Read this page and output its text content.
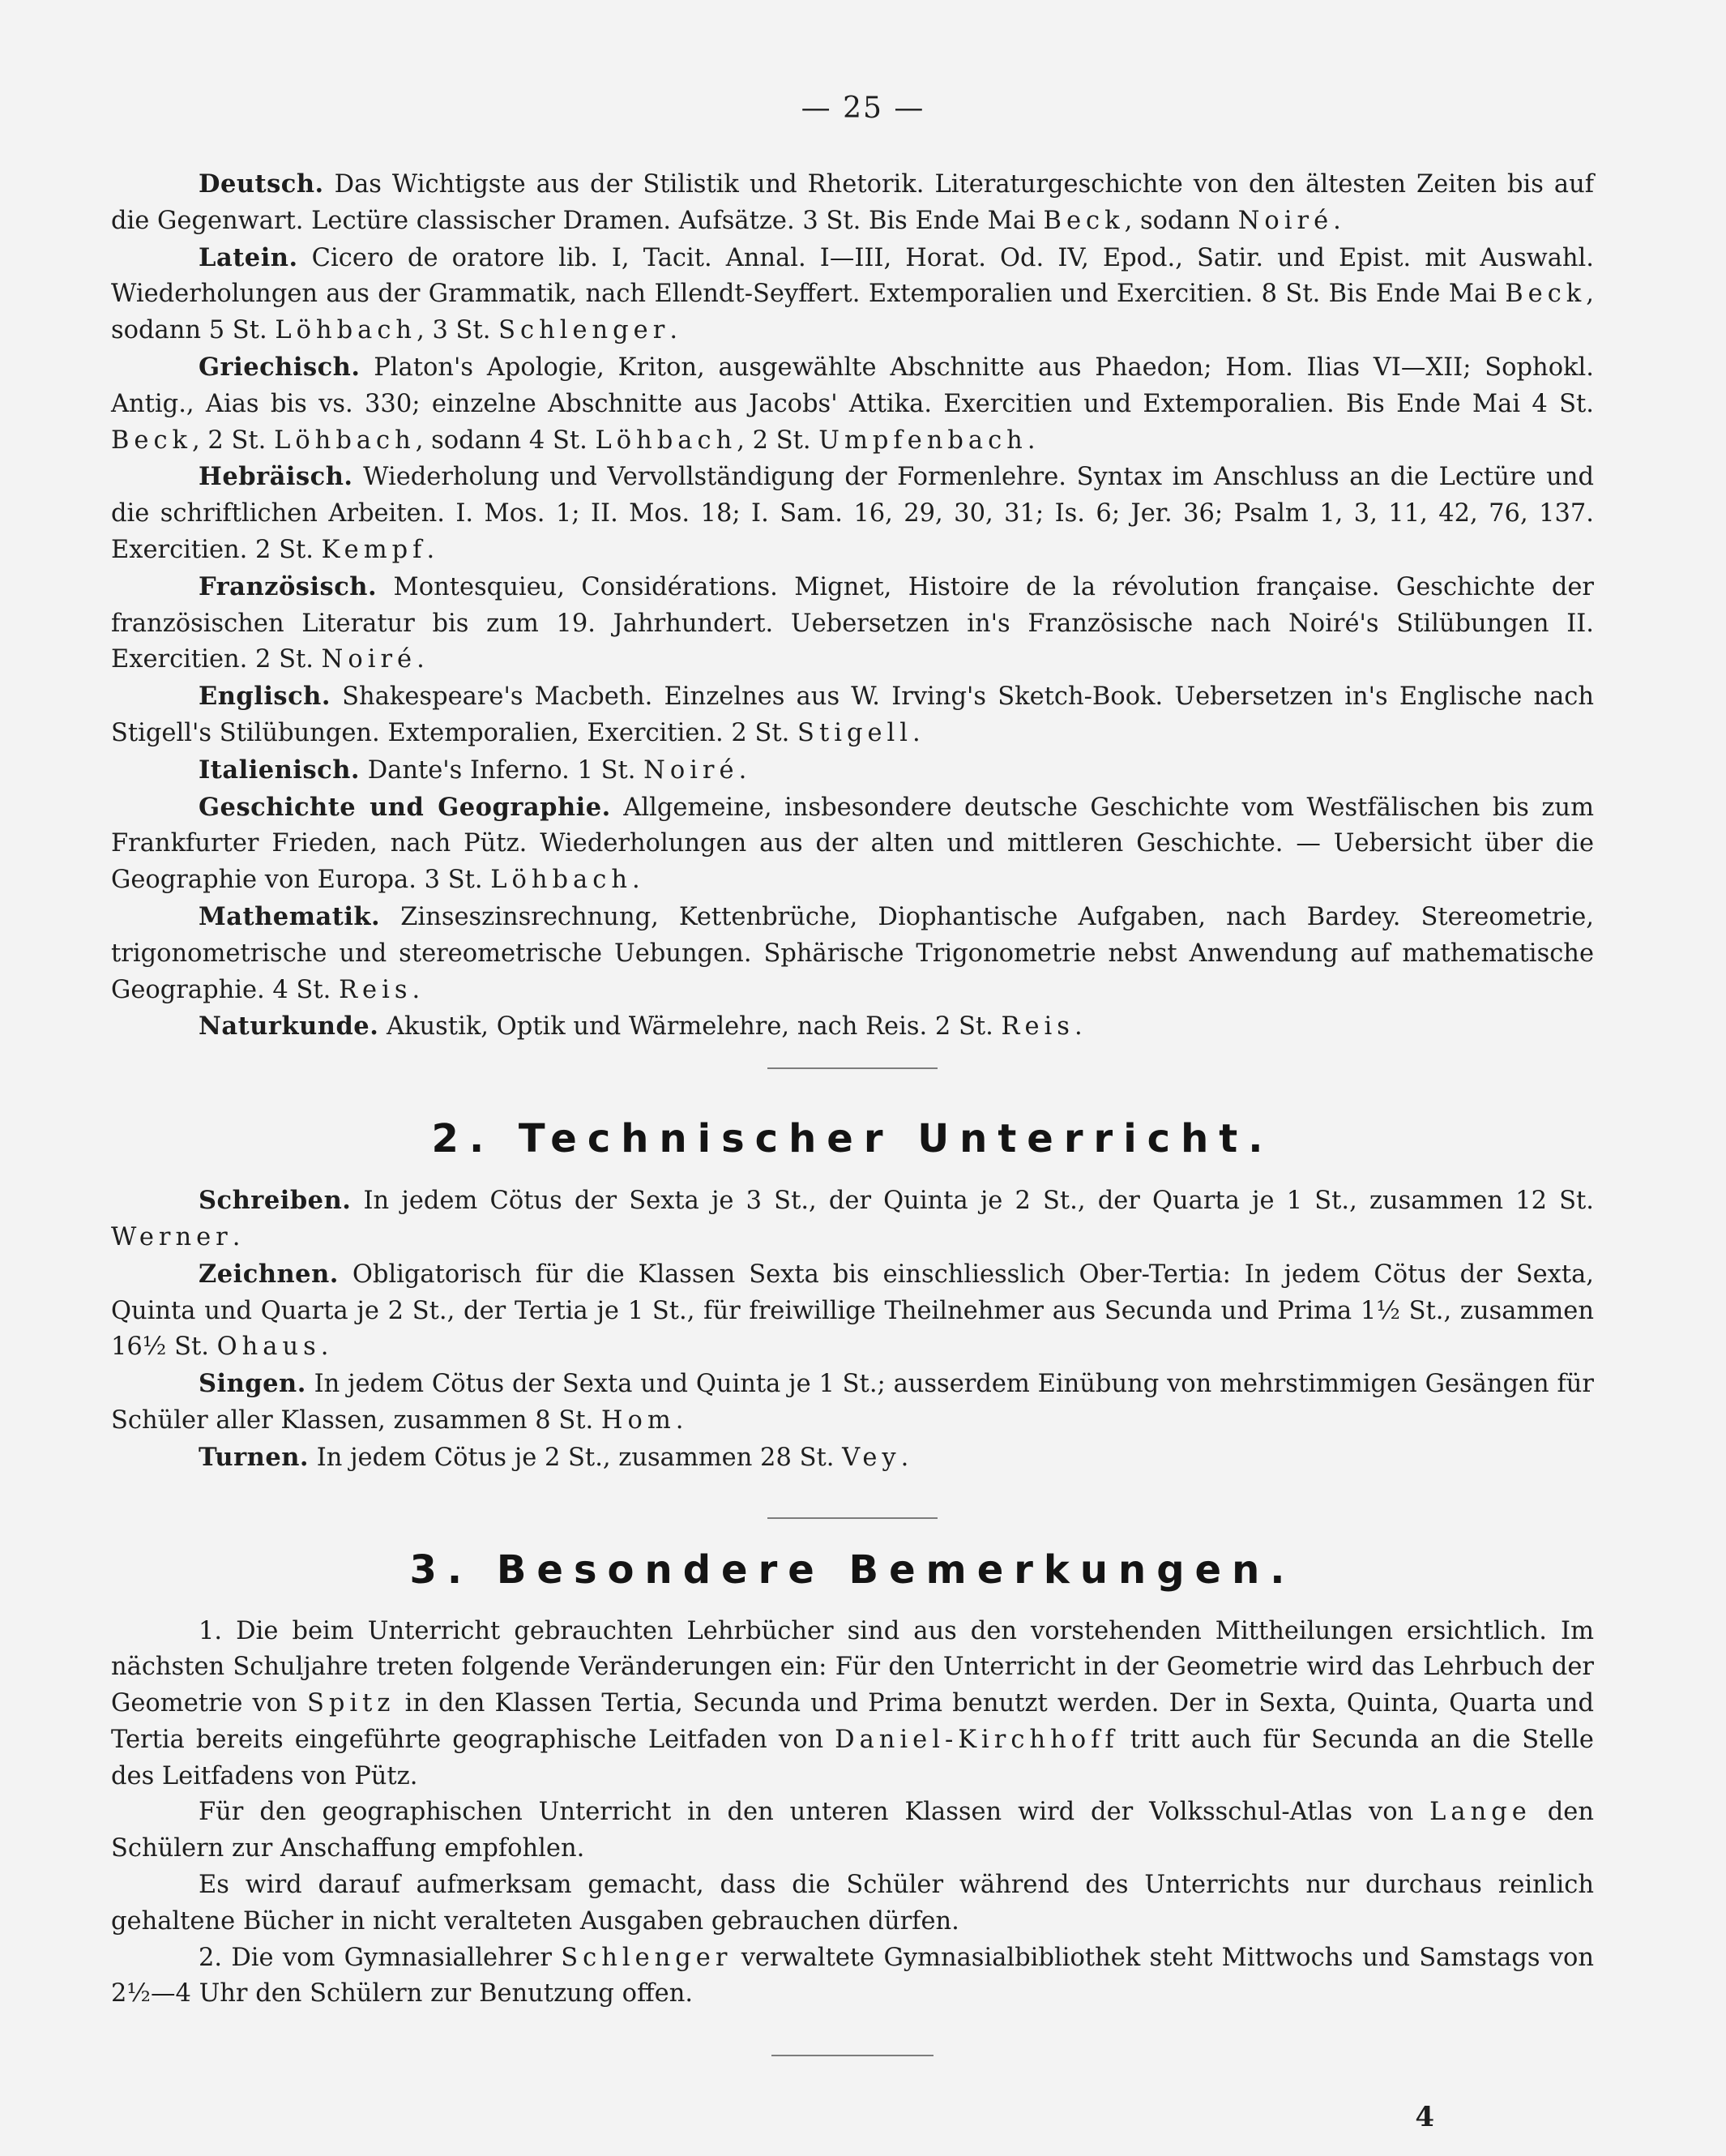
— 25 —

Deutsch. Das Wichtigste aus der Stilistik und Rhetorik. Literaturgeschichte von den ältesten Zeiten bis auf die Gegenwart. Lectüre classischer Dramen. Aufsätze. 3 St. Bis Ende Mai Beck, sodann Noiré.

Latein. Cicero de oratore lib. I, Tacit. Annal. I—III, Horat. Od. IV, Epod., Satir. und Epist. mit Auswahl. Wiederholungen aus der Grammatik, nach Ellendt-Seyffert. Extemporalien und Exercitien. 8 St. Bis Ende Mai Beck, sodann 5 St. Löhbach, 3 St. Schlenger.

Griechisch. Platon's Apologie, Kriton, ausgewählte Abschnitte aus Phaedon; Hom. Ilias VI—XII; Sophokl. Antig., Aias bis vs. 330; einzelne Abschnitte aus Jacobs' Attika. Exercitien und Extemporalien. Bis Ende Mai 4 St. Beck, 2 St. Löhbach, sodann 4 St. Löhbach, 2 St. Umpfenbach.

Hebräisch. Wiederholung und Vervollständigung der Formenlehre. Syntax im Anschluss an die Lectüre und die schriftlichen Arbeiten. I. Mos. 1; II. Mos. 18; I. Sam. 16, 29, 30, 31; Is. 6; Jer. 36; Psalm 1, 3, 11, 42, 76, 137. Exercitien. 2 St. Kempf.

Französisch. Montesquieu, Considérations. Mignet, Histoire de la révolution française. Geschichte der französischen Literatur bis zum 19. Jahrhundert. Uebersetzen in's Französische nach Noiré's Stilübungen II. Exercitien. 2 St. Noiré.

Englisch. Shakespeare's Macbeth. Einzelnes aus W. Irving's Sketch-Book. Uebersetzen in's Englische nach Stigell's Stilübungen. Extemporalien, Exercitien. 2 St. Stigell.

Italienisch. Dante's Inferno. 1 St. Noiré.

Geschichte und Geographie. Allgemeine, insbesondere deutsche Geschichte vom Westfälischen bis zum Frankfurter Frieden, nach Pütz. Wiederholungen aus der alten und mittleren Geschichte. — Uebersicht über die Geographie von Europa. 3 St. Löhbach.

Mathematik. Zinseszinsrechnung, Kettenbrüche, Diophantische Aufgaben, nach Bardey. Stereometrie, trigonometrische und stereometrische Uebungen. Sphärische Trigonometrie nebst Anwendung auf mathematische Geographie. 4 St. Reis.

Naturkunde. Akustik, Optik und Wärmelehre, nach Reis. 2 St. Reis.

2. Technischer Unterricht.

Schreiben. In jedem Cötus der Sexta je 3 St., der Quinta je 2 St., der Quarta je 1 St., zusammen 12 St. Werner.

Zeichnen. Obligatorisch für die Klassen Sexta bis einschliesslich Ober-Tertia: In jedem Cötus der Sexta, Quinta und Quarta je 2 St., der Tertia je 1 St., für freiwillige Theilnehmer aus Secunda und Prima 1½ St., zusammen 16½ St. Ohaus.

Singen. In jedem Cötus der Sexta und Quinta je 1 St.; ausserdem Einübung von mehrstimmigen Gesängen für Schüler aller Klassen, zusammen 8 St. Hom.

Turnen. In jedem Cötus je 2 St., zusammen 28 St. Vey.

3. Besondere Bemerkungen.

1. Die beim Unterricht gebrauchten Lehrbücher sind aus den vorstehenden Mittheilungen ersichtlich. Im nächsten Schuljahre treten folgende Veränderungen ein: Für den Unterricht in der Geometrie wird das Lehrbuch der Geometrie von Spitz in den Klassen Tertia, Secunda und Prima benutzt werden. Der in Sexta, Quinta, Quarta und Tertia bereits eingeführte geographische Leitfaden von Daniel-Kirchhoff tritt auch für Secunda an die Stelle des Leitfadens von Pütz.

Für den geographischen Unterricht in den unteren Klassen wird der Volksschul-Atlas von Lange den Schülern zur Anschaffung empfohlen.

Es wird darauf aufmerksam gemacht, dass die Schüler während des Unterrichts nur durchaus reinlich gehaltene Bücher in nicht veralteten Ausgaben gebrauchen dürfen.

2. Die vom Gymnasiallehrer Schlenger verwaltete Gymnasialbibliothek steht Mittwochs und Samstags von 2½—4 Uhr den Schülern zur Benutzung offen.

4
